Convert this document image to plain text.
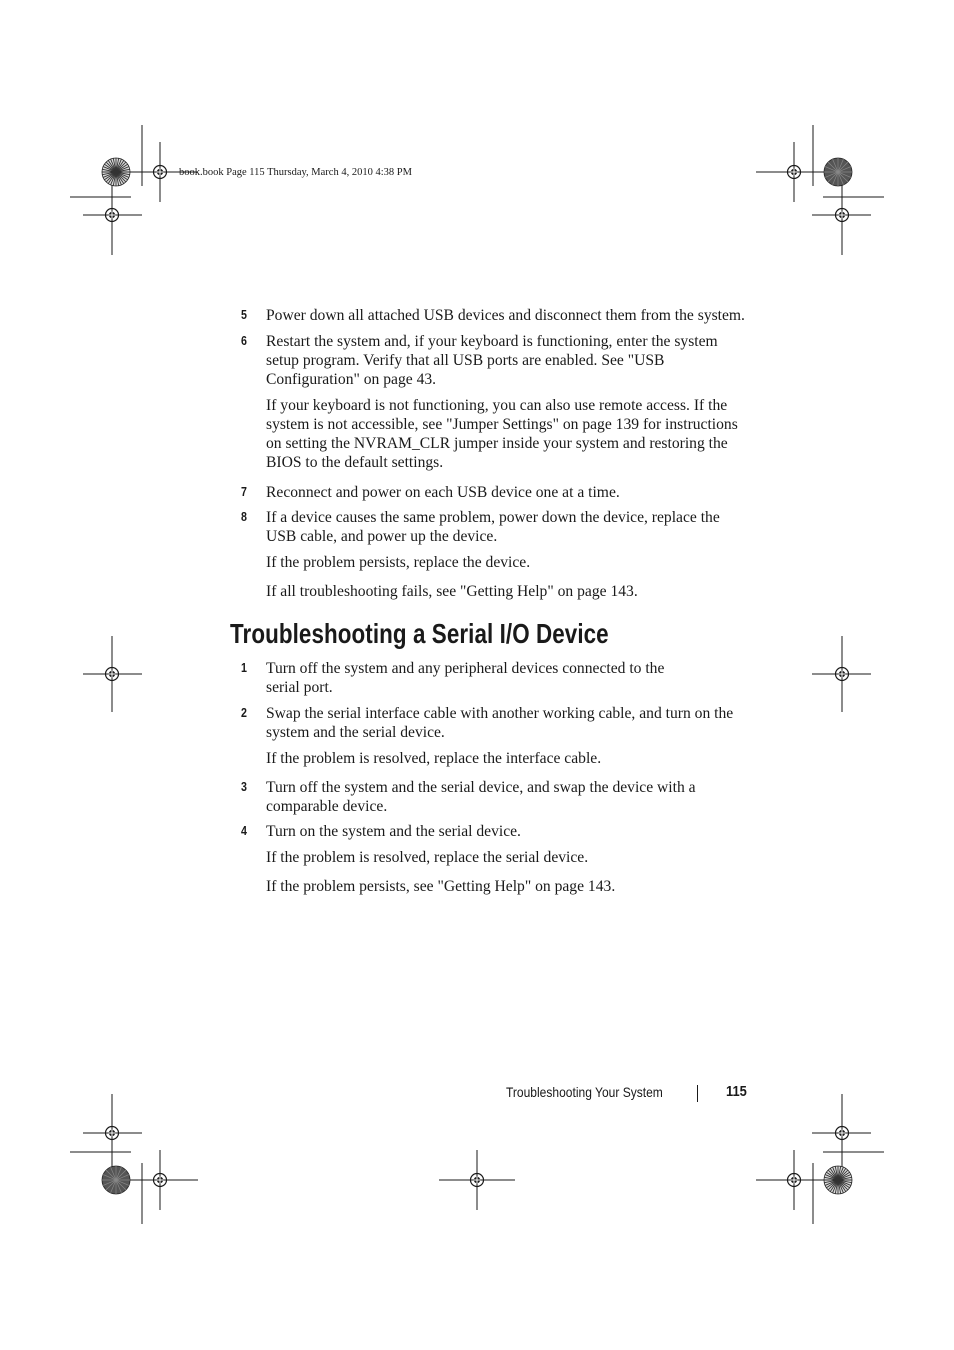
book.book Page 115 Thursday, March 4, 2010 4:38 PM
5 Power down all attached USB devices and disconnect them from the system.
6 Restart the system and, if your keyboard is functioning, enter the system setup program. Verify that all USB ports are enabled. See "USB Configuration" on page 43.
If your keyboard is not functioning, you can also use remote access. If the system is not accessible, see "Jumper Settings" on page 139 for instructions on setting the NVRAM_CLR jumper inside your system and restoring the BIOS to the default settings.
7 Reconnect and power on each USB device one at a time.
8 If a device causes the same problem, power down the device, replace the USB cable, and power up the device.
If the problem persists, replace the device.
If all troubleshooting fails, see "Getting Help" on page 143.
Troubleshooting a Serial I/O Device
1 Turn off the system and any peripheral devices connected to the serial port.
2 Swap the serial interface cable with another working cable, and turn on the system and the serial device.
If the problem is resolved, replace the interface cable.
3 Turn off the system and the serial device, and swap the device with a comparable device.
4 Turn on the system and the serial device.
If the problem is resolved, replace the serial device.
If the problem persists, see "Getting Help" on page 143.
Troubleshooting Your System	115
